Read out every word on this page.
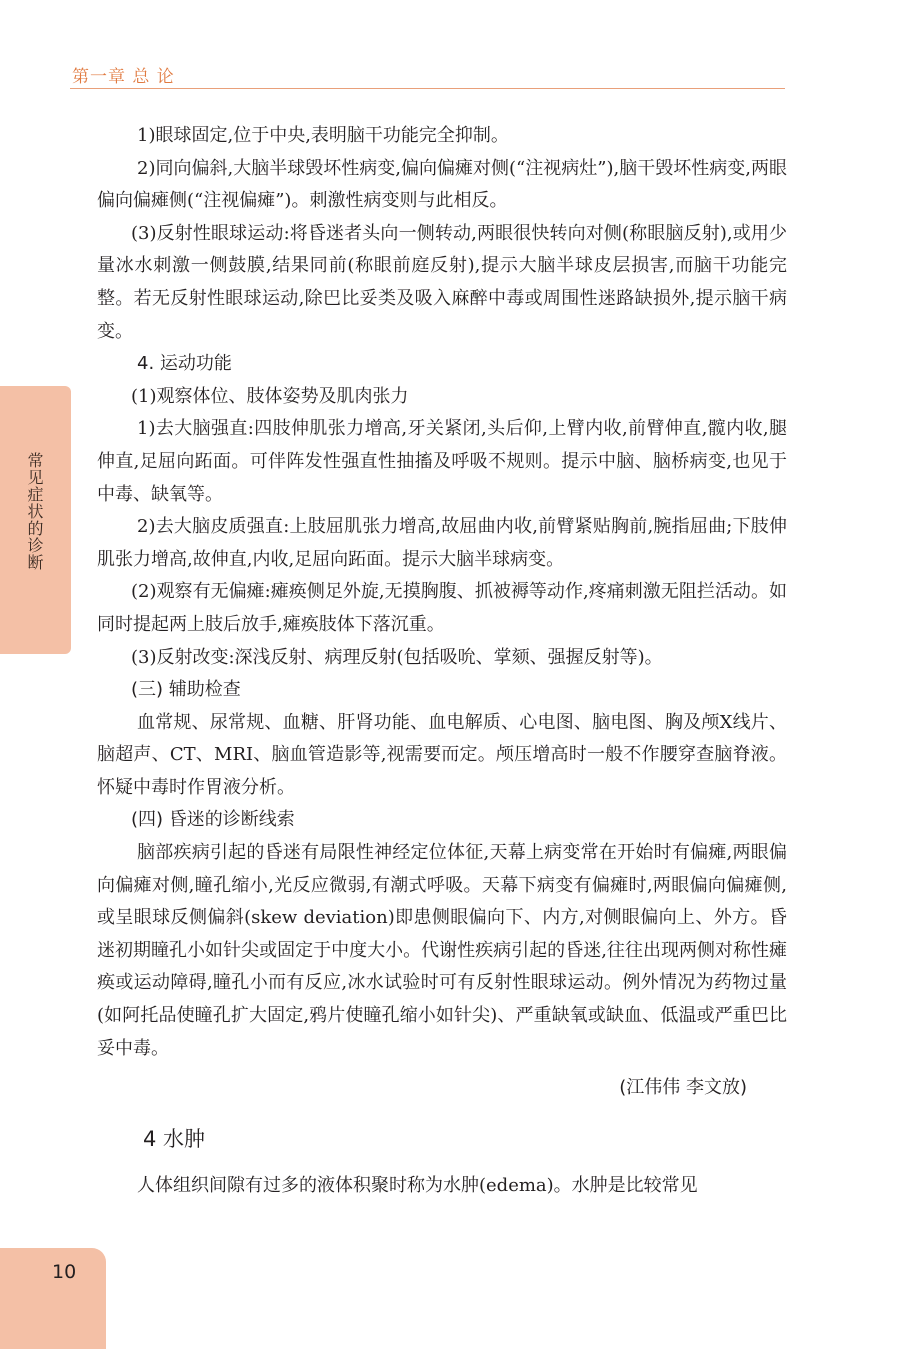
第一章 总 论
常见症状的诊断

1)眼球固定,位于中央,表明脑干功能完全抑制。

2)同向偏斜,大脑半球毁坏性病变,偏向偏瘫对侧(“注视病灶”),脑干毁坏性病变,两眼偏向偏瘫侧(“注视偏瘫”)。刺激性病变则与此相反。

(3)反射性眼球运动:将昏迷者头向一侧转动,两眼很快转向对侧(称眼脑反射),或用少量冰水刺激一侧鼓膜,结果同前(称眼前庭反射),提示大脑半球皮层损害,而脑干功能完整。若无反射性眼球运动,除巴比妥类及吸入麻醉中毒或周围性迷路缺损外,提示脑干病变。

4. 运动功能

(1)观察体位、肢体姿势及肌肉张力

1)去大脑强直:四肢伸肌张力增高,牙关紧闭,头后仰,上臂内收,前臂伸直,髋内收,腿伸直,足屈向跖面。可伴阵发性强直性抽搐及呼吸不规则。提示中脑、脑桥病变,也见于中毒、缺氧等。

2)去大脑皮质强直:上肢屈肌张力增高,故屈曲内收,前臂紧贴胸前,腕指屈曲;下肢伸肌张力增高,故伸直,内收,足屈向跖面。提示大脑半球病变。

(2)观察有无偏瘫:瘫痪侧足外旋,无摸胸腹、抓被褥等动作,疼痛刺激无阻拦活动。如同时提起两上肢后放手,瘫痪肢体下落沉重。

(3)反射改变:深浅反射、病理反射(包括吸吮、掌颏、强握反射等)。

(三) 辅助检查

血常规、尿常规、血糖、肝肾功能、血电解质、心电图、脑电图、胸及颅X线片、脑超声、CT、MRI、脑血管造影等,视需要而定。颅压增高时一般不作腰穿查脑脊液。怀疑中毒时作胃液分析。

(四) 昏迷的诊断线索

脑部疾病引起的昏迷有局限性神经定位体征,天幕上病变常在开始时有偏瘫,两眼偏向偏瘫对侧,瞳孔缩小,光反应微弱,有潮式呼吸。天幕下病变有偏瘫时,两眼偏向偏瘫侧,或呈眼球反侧偏斜(skew deviation)即患侧眼偏向下、内方,对侧眼偏向上、外方。昏迷初期瞳孔小如针尖或固定于中度大小。代谢性疾病引起的昏迷,往往出现两侧对称性瘫痪或运动障碍,瞳孔小而有反应,冰水试验时可有反射性眼球运动。例外情况为药物过量(如阿托品使瞳孔扩大固定,鸦片使瞳孔缩小如针尖)、严重缺氧或缺血、低温或严重巴比妥中毒。

(江伟伟 李文放)

4 水肿

人体组织间隙有过多的液体积聚时称为水肿(edema)。水肿是比较常见

10
